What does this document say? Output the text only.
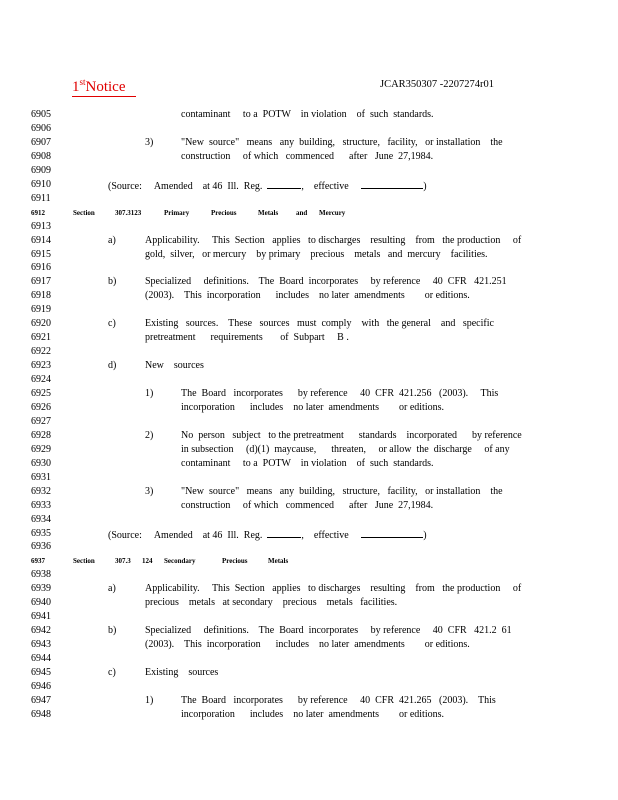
1stNotice	JCAR350307 -2207274r01
6905	contaminant     to a  POTW    in violation    of  such  standards.
6906
6907	3)	"New  source"   means   any  building,   structure,   facility,   or installation    the
6908	construction     of which   commenced      after   June  27,1984.
6909
6910	(Source:     Amended    at 46  Ill.  Reg.	, effective	)
6911
6912	Section	307.3123	Primary	Precious	Metals	and Mercury
6913
6914	a)	Applicability.     This  Section   applies   to discharges    resulting    from   the production     of
6915	gold,  silver,   or mercury    by primary    precious    metals   and  mercury    facilities.
6916
6917	b)	Specialized     definitions.    The  Board  incorporates     by reference     40  CFR   421.251
6918	(2003).    This  incorporation      includes    no later  amendments        or editions.
6919
6920	c)	Existing   sources.    These   sources   must  comply    with   the general    and   specific
6921	pretreatment      requirements       of  Subpart     B .
6922
6923	d)	New    sources
6924
6925	1)	The  Board   incorporates      by reference     40  CFR  421.256   (2003).     This
6926	incorporation      includes    no later  amendments        or editions.
6927
6928	2)	No  person   subject   to the pretreatment      standards    incorporated      by reference
6929	in subsection     (d)(1)  maycause,      threaten,     or allow  the  discharge     of any
6930	contaminant     to a  POTW    in violation    of  such  standards.
6931
6932	3)	"New  source"   means   any  building,   structure,   facility,   or installation    the
6933	construction     of which   commenced      after   June  27,1984.
6934
6935	(Source:     Amended    at 46  Ill.  Reg.	, effective	)
6936
6937	Section	307.3 124 Secondary	Precious	Metals
6938
6939	a)	Applicability.     This  Section   applies   to discharges    resulting    from   the production     of
6940	precious    metals   at secondary    precious    metals   facilities.
6941
6942	b)	Specialized     definitions.    The  Board  incorporates     by reference     40  CFR   421.2  61
6943	(2003).    This  incorporation      includes    no later  amendments        or editions.
6944
6945	c)	Existing    sources
6946
6947	1)	The  Board   incorporates      by reference     40  CFR  421.265   (2003).    This
6948	incorporation      includes    no later  amendments        or editions.
